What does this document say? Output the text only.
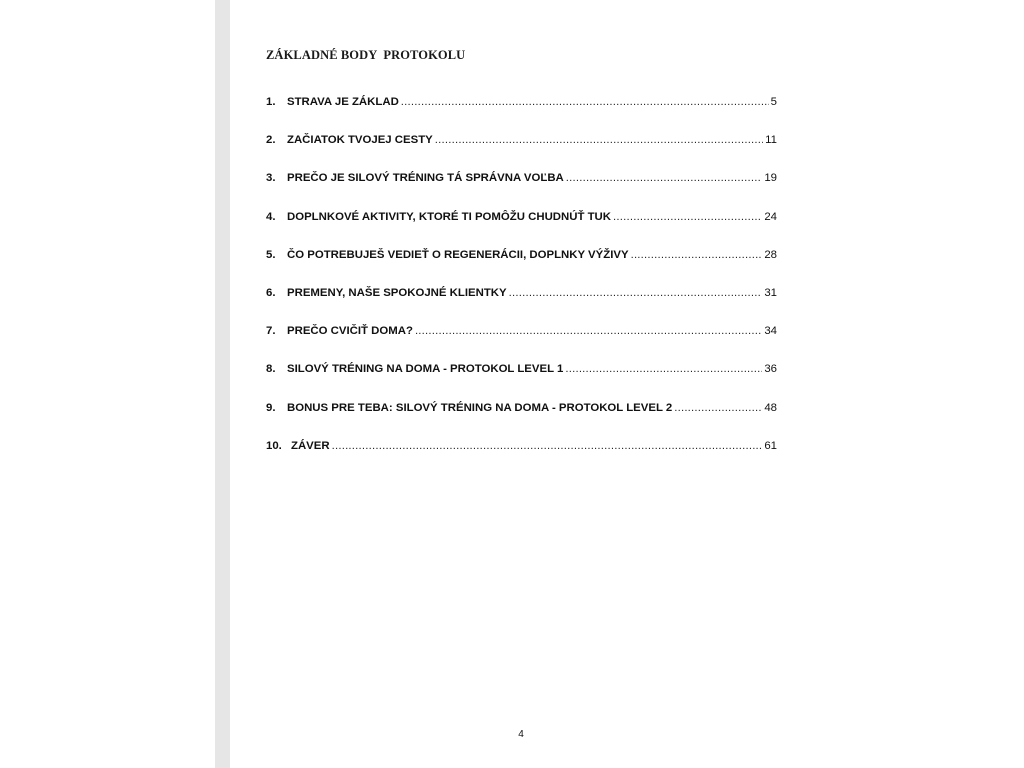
ZÁKLADNÉ BODY  PROTOKOLU
1.	STRAVA JE ZÁKLAD .....	5
2.	ZAČIATOK TVOJEJ CESTY .....	11
3.	PREČO JE SILOVÝ TRÉNING TÁ SPRÁVNA VOĽBA .....	19
4.	DOPLNKOVÉ AKTIVITY, KTORÉ TI POMÔŽU CHUDNÚŤ TUK .....	24
5.	ČO POTREBUJEŠ VEDIEŤ O REGENERÁCII, DOPLNKY VÝŽIVY .....	28
6.	PREMENY, NAŠE SPOKOJNÉ KLIENTKY .....	31
7.	PREČO CVIČIŤ DOMA? .....	34
8.	SILOVÝ TRÉNING NA DOMA - PROTOKOL LEVEL 1 .....	36
9.	BONUS PRE TEBA: SILOVÝ TRÉNING NA DOMA - PROTOKOL LEVEL 2 .....	48
10. ZÁVER .....	61
4
